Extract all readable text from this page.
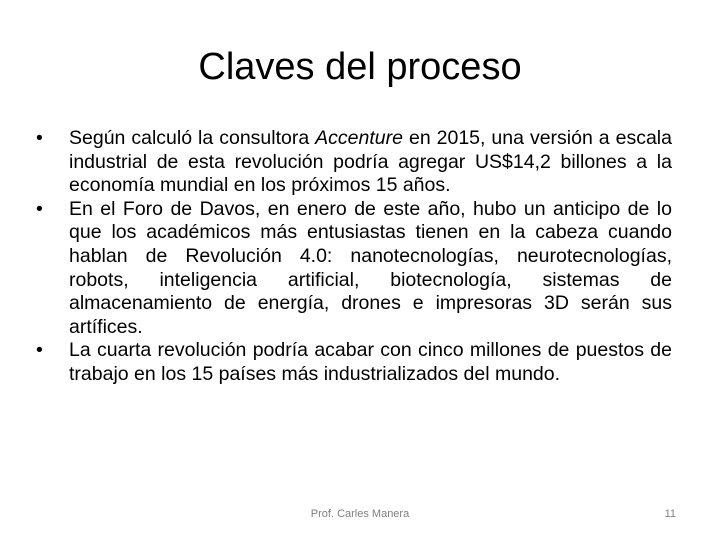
Claves del proceso
•	Según calculó la consultora Accenture en 2015, una versión a escala industrial de esta revolución podría agregar US$14,2 billones a la economía mundial en los próximos 15 años.
•	En el Foro de Davos, en enero de este año, hubo un anticipo de lo que los académicos más entusiastas tienen en la cabeza cuando hablan de Revolución 4.0: nanotecnologías, neurotecnologías, robots, inteligencia artificial, biotecnología, sistemas de almacenamiento de energía, drones e impresoras 3D serán sus artífices.
•	La cuarta revolución podría acabar con cinco millones de puestos de trabajo en los 15 países más industrializados del mundo.
Prof. Carles Manera	11
